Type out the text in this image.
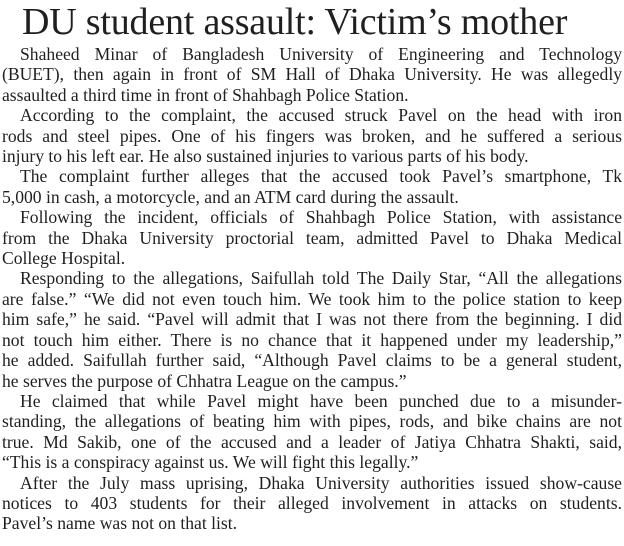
DU student assault: Victim’s mother
Shaheed Minar of Bangladesh University of Engineering and Technology
(BUET), then again in front of SM Hall of Dhaka University. He was allegedly
assaulted a third time in front of Shahbagh Police Station.
According to the complaint, the accused struck Pavel on the head with iron
rods and steel pipes. One of his fingers was broken, and he suffered a serious
injury to his left ear. He also sustained injuries to various parts of his body.
The complaint further alleges that the accused took Pavel’s smartphone, Tk
5,000 in cash, a motorcycle, and an ATM card during the assault.
Following the incident, officials of Shahbagh Police Station, with assistance
from the Dhaka University proctorial team, admitted Pavel to Dhaka Medical
College Hospital.
Responding to the allegations, Saifullah told The Daily Star, “All the allegations
are false.” “We did not even touch him. We took him to the police station to keep
him safe,” he said. “Pavel will admit that I was not there from the beginning. I did
not touch him either. There is no chance that it happened under my leadership,”
he added. Saifullah further said, “Although Pavel claims to be a general student,
he serves the purpose of Chhatra League on the campus.”
He claimed that while Pavel might have been punched due to a misunder-
standing, the allegations of beating him with pipes, rods, and bike chains are not
true. Md Sakib, one of the accused and a leader of Jatiya Chhatra Shakti, said,
“This is a conspiracy against us. We will fight this legally.”
After the July mass uprising, Dhaka University authorities issued show-cause
notices to 403 students for their alleged involvement in attacks on students.
Pavel’s name was not on that list.
